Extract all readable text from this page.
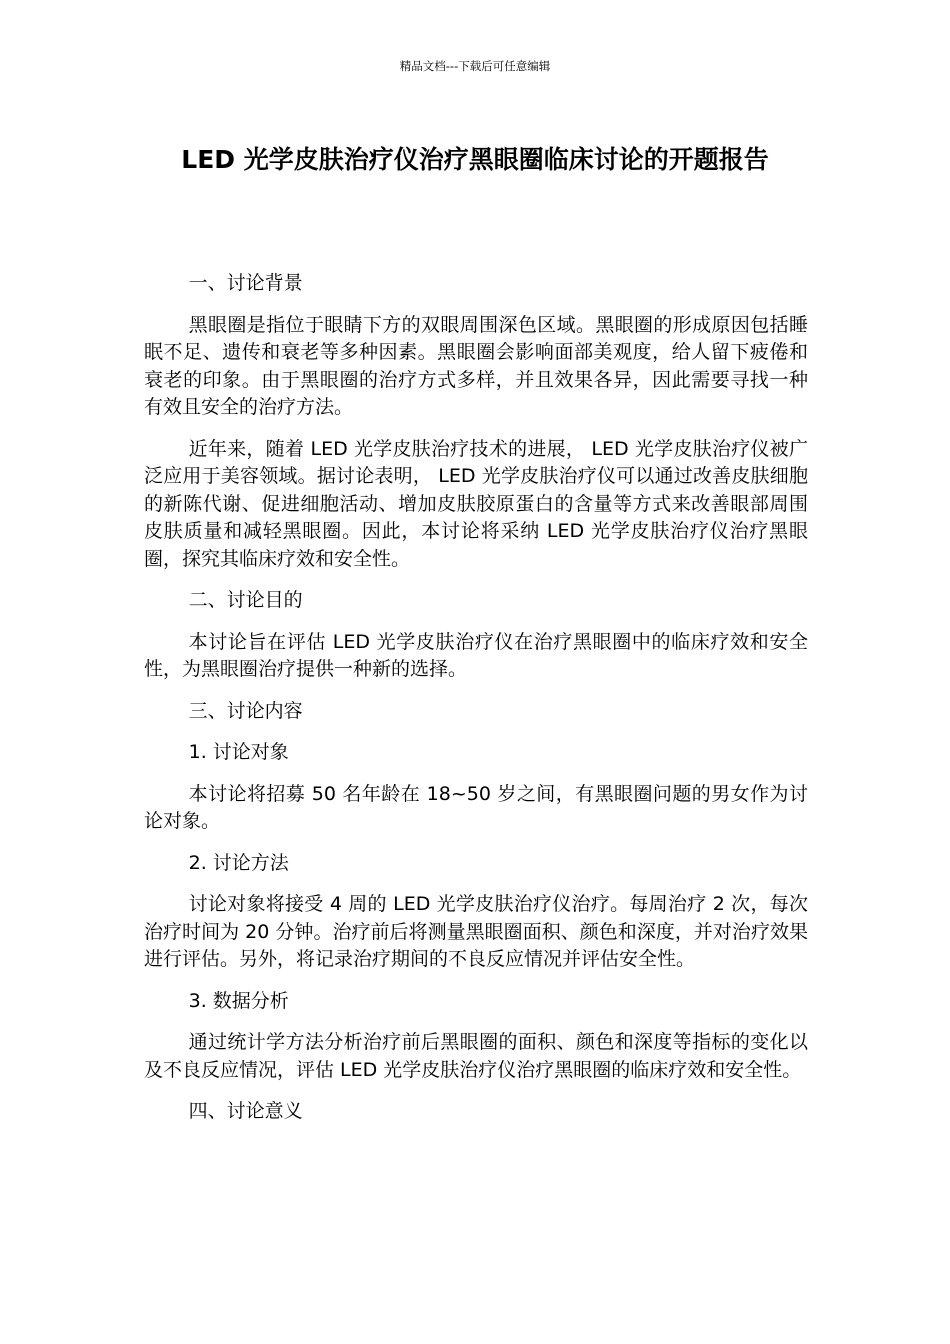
精品文档---下载后可任意编辑
LED 光学皮肤治疗仪治疗黑眼圈临床讨论的开题报告

一、讨论背景

黑眼圈是指位于眼睛下方的双眼周围深色区域。黑眼圈的形成原因包括睡眠不足、遗传和衰老等多种因素。黑眼圈会影响面部美观度，给人留下疲倦和衰老的印象。由于黑眼圈的治疗方式多样，并且效果各异，因此需要寻找一种有效且安全的治疗方法。

近年来，随着 LED 光学皮肤治疗技术的进展， LED 光学皮肤治疗仪被广泛应用于美容领域。据讨论表明， LED 光学皮肤治疗仪可以通过改善皮肤细胞的新陈代谢、促进细胞活动、增加皮肤胶原蛋白的含量等方式来改善眼部周围皮肤质量和减轻黑眼圈。因此，本讨论将采纳 LED 光学皮肤治疗仪治疗黑眼圈，探究其临床疗效和安全性。

二、讨论目的

本讨论旨在评估 LED 光学皮肤治疗仪在治疗黑眼圈中的临床疗效和安全性，为黑眼圈治疗提供一种新的选择。

三、讨论内容

1. 讨论对象

本讨论将招募 50 名年龄在 18~50 岁之间，有黑眼圈问题的男女作为讨论对象。

2. 讨论方法

讨论对象将接受 4 周的 LED 光学皮肤治疗仪治疗。每周治疗 2 次，每次治疗时间为 20 分钟。治疗前后将测量黑眼圈面积、颜色和深度，并对治疗效果进行评估。另外，将记录治疗期间的不良反应情况并评估安全性。

3. 数据分析

通过统计学方法分析治疗前后黑眼圈的面积、颜色和深度等指标的变化以及不良反应情况，评估 LED 光学皮肤治疗仪治疗黑眼圈的临床疗效和安全性。

四、讨论意义
